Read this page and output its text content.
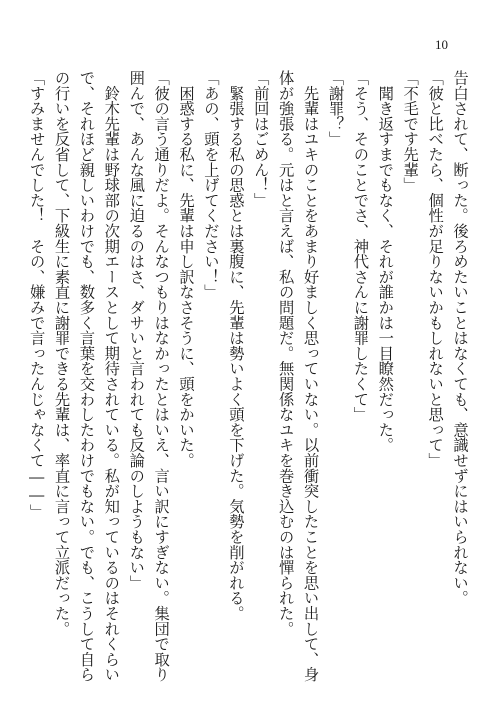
10
告白されて、断った。後ろめたいことはなくても、意識せずにはいられない。
「彼と比べたら、個性が足りないかもしれないと思って」
「不毛です先輩」
　聞き返すまでもなく、それが誰かは一目瞭然だった。
「そう、そのことでさ、神代さんに謝罪したくて」
「謝罪？」
　先輩はユキのことをあまり好ましく思っていない。以前衝突したことを思い出して、身
体が強張る。元はと言えば、私の問題だ。無関係なユキを巻き込むのは憚られた。
「前回はごめん！」
　緊張する私の思惑とは裏腹に、先輩は勢いよく頭を下げた。気勢を削がれる。
「あの、頭を上げてください！」
　困惑する私に、先輩は申し訳なさそうに、頭をかいた。
「彼の言う通りだよ。そんなつもりはなかったとはいえ、言い訳にすぎない。集団で取り
囲んで、あんな風に迫るのはさ、ダサいと言われても反論のしようもない」
　鈴木先輩は野球部の次期エースとして期待されている。私が知っているのはそれくらい
で、それほど親しいわけでも、数多く言葉を交わしたわけでもない。でも、こうして自ら
の行いを反省して、下級生に素直に謝罪できる先輩は、率直に言って立派だった。
「すみませんでした！　その、嫌みで言ったんじゃなくて――」
